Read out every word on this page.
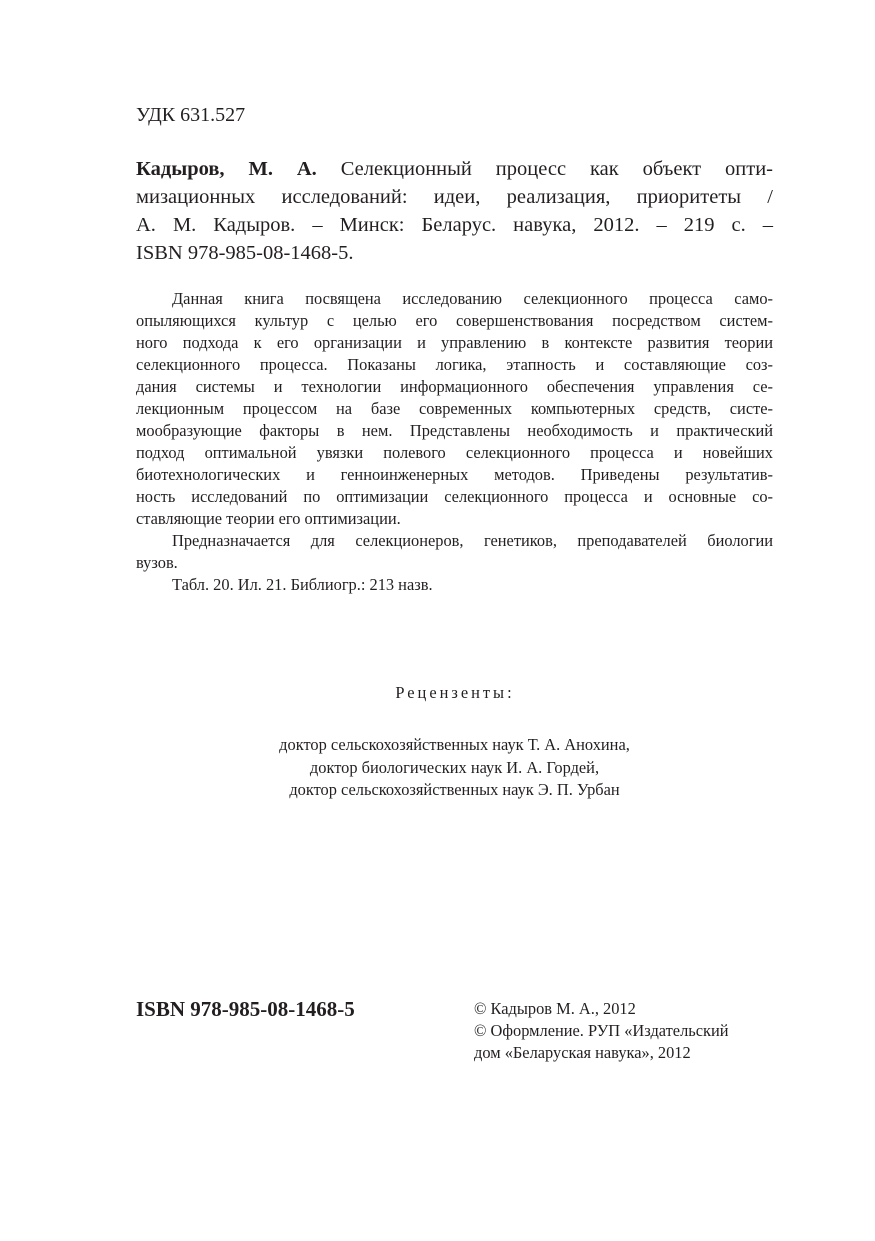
УДК 631.527
Кадыров, М. А. Селекционный процесс как объект опти-
мизационных исследований: идеи, реализация, приоритеты /
А. М. Кадыров. – Минск: Беларус. навука, 2012. – 219 с. –
ISBN 978-985-08-1468-5.
Данная книга посвящена исследованию селекционного процесса само-
опыляющихся культур с целью его совершенствования посредством систем-
ного подхода к его организации и управлению в контексте развития теории
селекционного процесса. Показаны логика, этапность и составляющие соз-
дания системы и технологии информационного обеспечения управления се-
лекционным процессом на базе современных компьютерных средств, систе-
мообразующие факторы в нем. Представлены необходимость и практический
подход оптимальной увязки полевого селекционного процесса и новейших
биотехнологических и генноинженерных методов. Приведены результатив-
ность исследований по оптимизации селекционного процесса и основные со-
ставляющие теории его оптимизации.
Предназначается для селекционеров, генетиков, преподавателей биологии
вузов.
Табл. 20. Ил. 21. Библиогр.: 213 назв.
Рецензенты:
доктор сельскохозяйственных наук Т. А. Анохина,
доктор биологических наук И. А. Гордей,
доктор сельскохозяйственных наук Э. П. Урбан
ISBN 978-985-08-1468-5	© Кадыров М. А., 2012
© Оформление. РУП «Издательский
дом «Беларуская навука», 2012
